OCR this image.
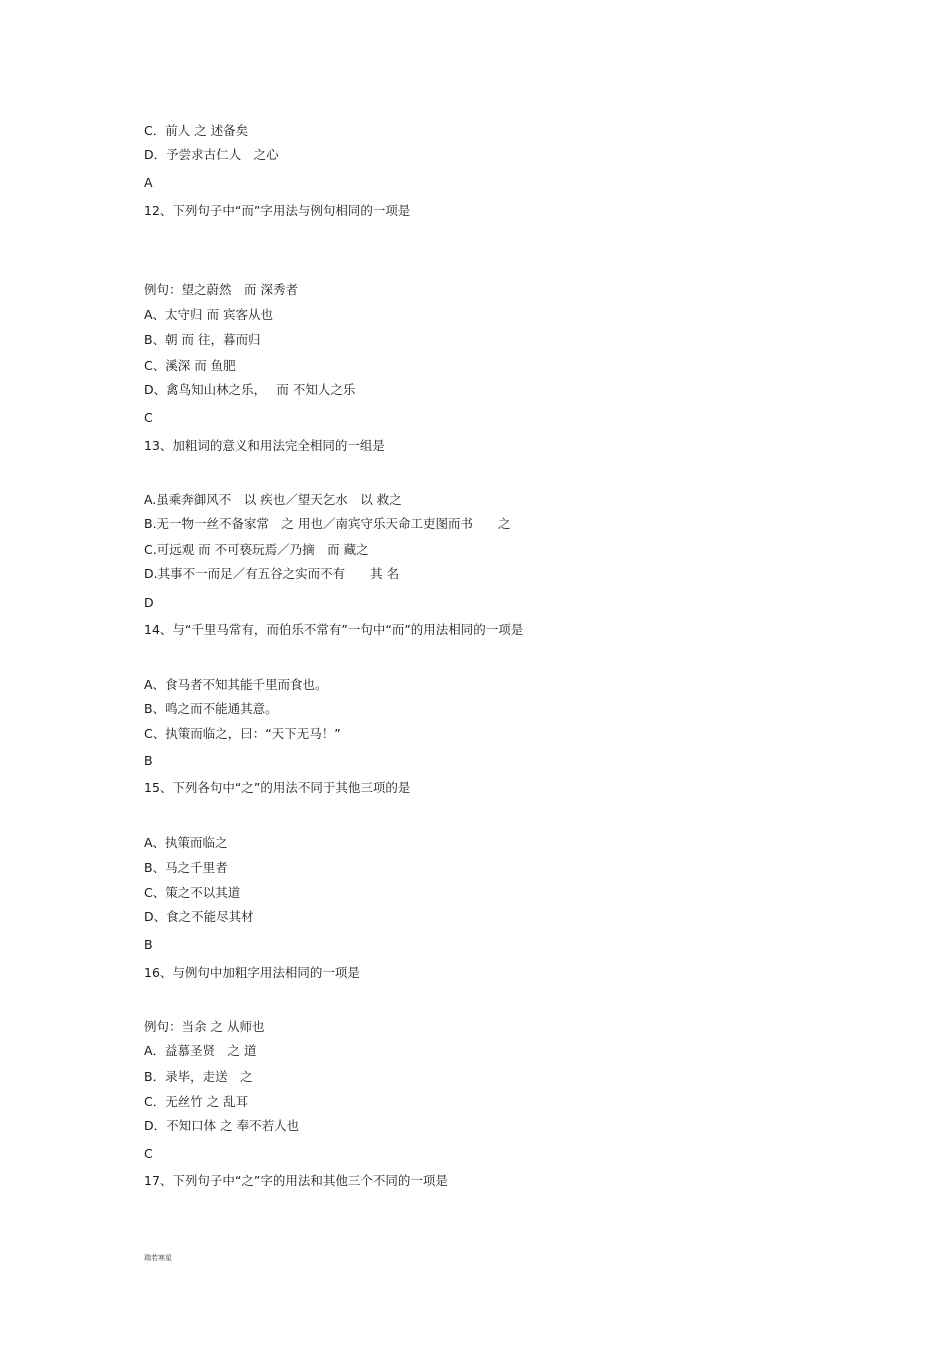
C．前人 之 述备矣
D．予尝求古仁人　之心
A
12、下列句子中“而”字用法与例句相同的一项是
例句：望之蔚然　而 深秀者
A、太守归 而 宾客从也
B、朝 而 往，暮而归
C、溪深 而 鱼肥
D、禽鸟知山林之乐，　 而 不知人之乐
C
13、加粗词的意义和用法完全相同的一组是
A.虽乘奔御风不　以 疾也／望天乞水　以 救之
B.无一物一丝不备家常　之 用也／南宾守乐天命工吏图而书　　之
C.可远观 而 不可亵玩焉／乃摘　而 藏之
D.其事不一而足／有五谷之实而不有　　其 名
D
14、与“千里马常有，而伯乐不常有”一句中“而”的用法相同的一项是
A、食马者不知其能千里而食也。
B、鸣之而不能通其意。
C、执策而临之，曰：“天下无马！”
B
15、下列各句中“之”的用法不同于其他三项的是
A、执策而临之
B、马之千里者
C、策之不以其道
D、食之不能尽其材
B
16、与例句中加粗字用法相同的一项是
例句：当余 之 从师也
A．益慕圣贤　之 道
B．录毕，走送　之
C．无丝竹 之 乱耳
D．不知口体 之 奉不若人也
C
17、下列句子中“之”字的用法和其他三个不同的一项是
瑞若寒星
